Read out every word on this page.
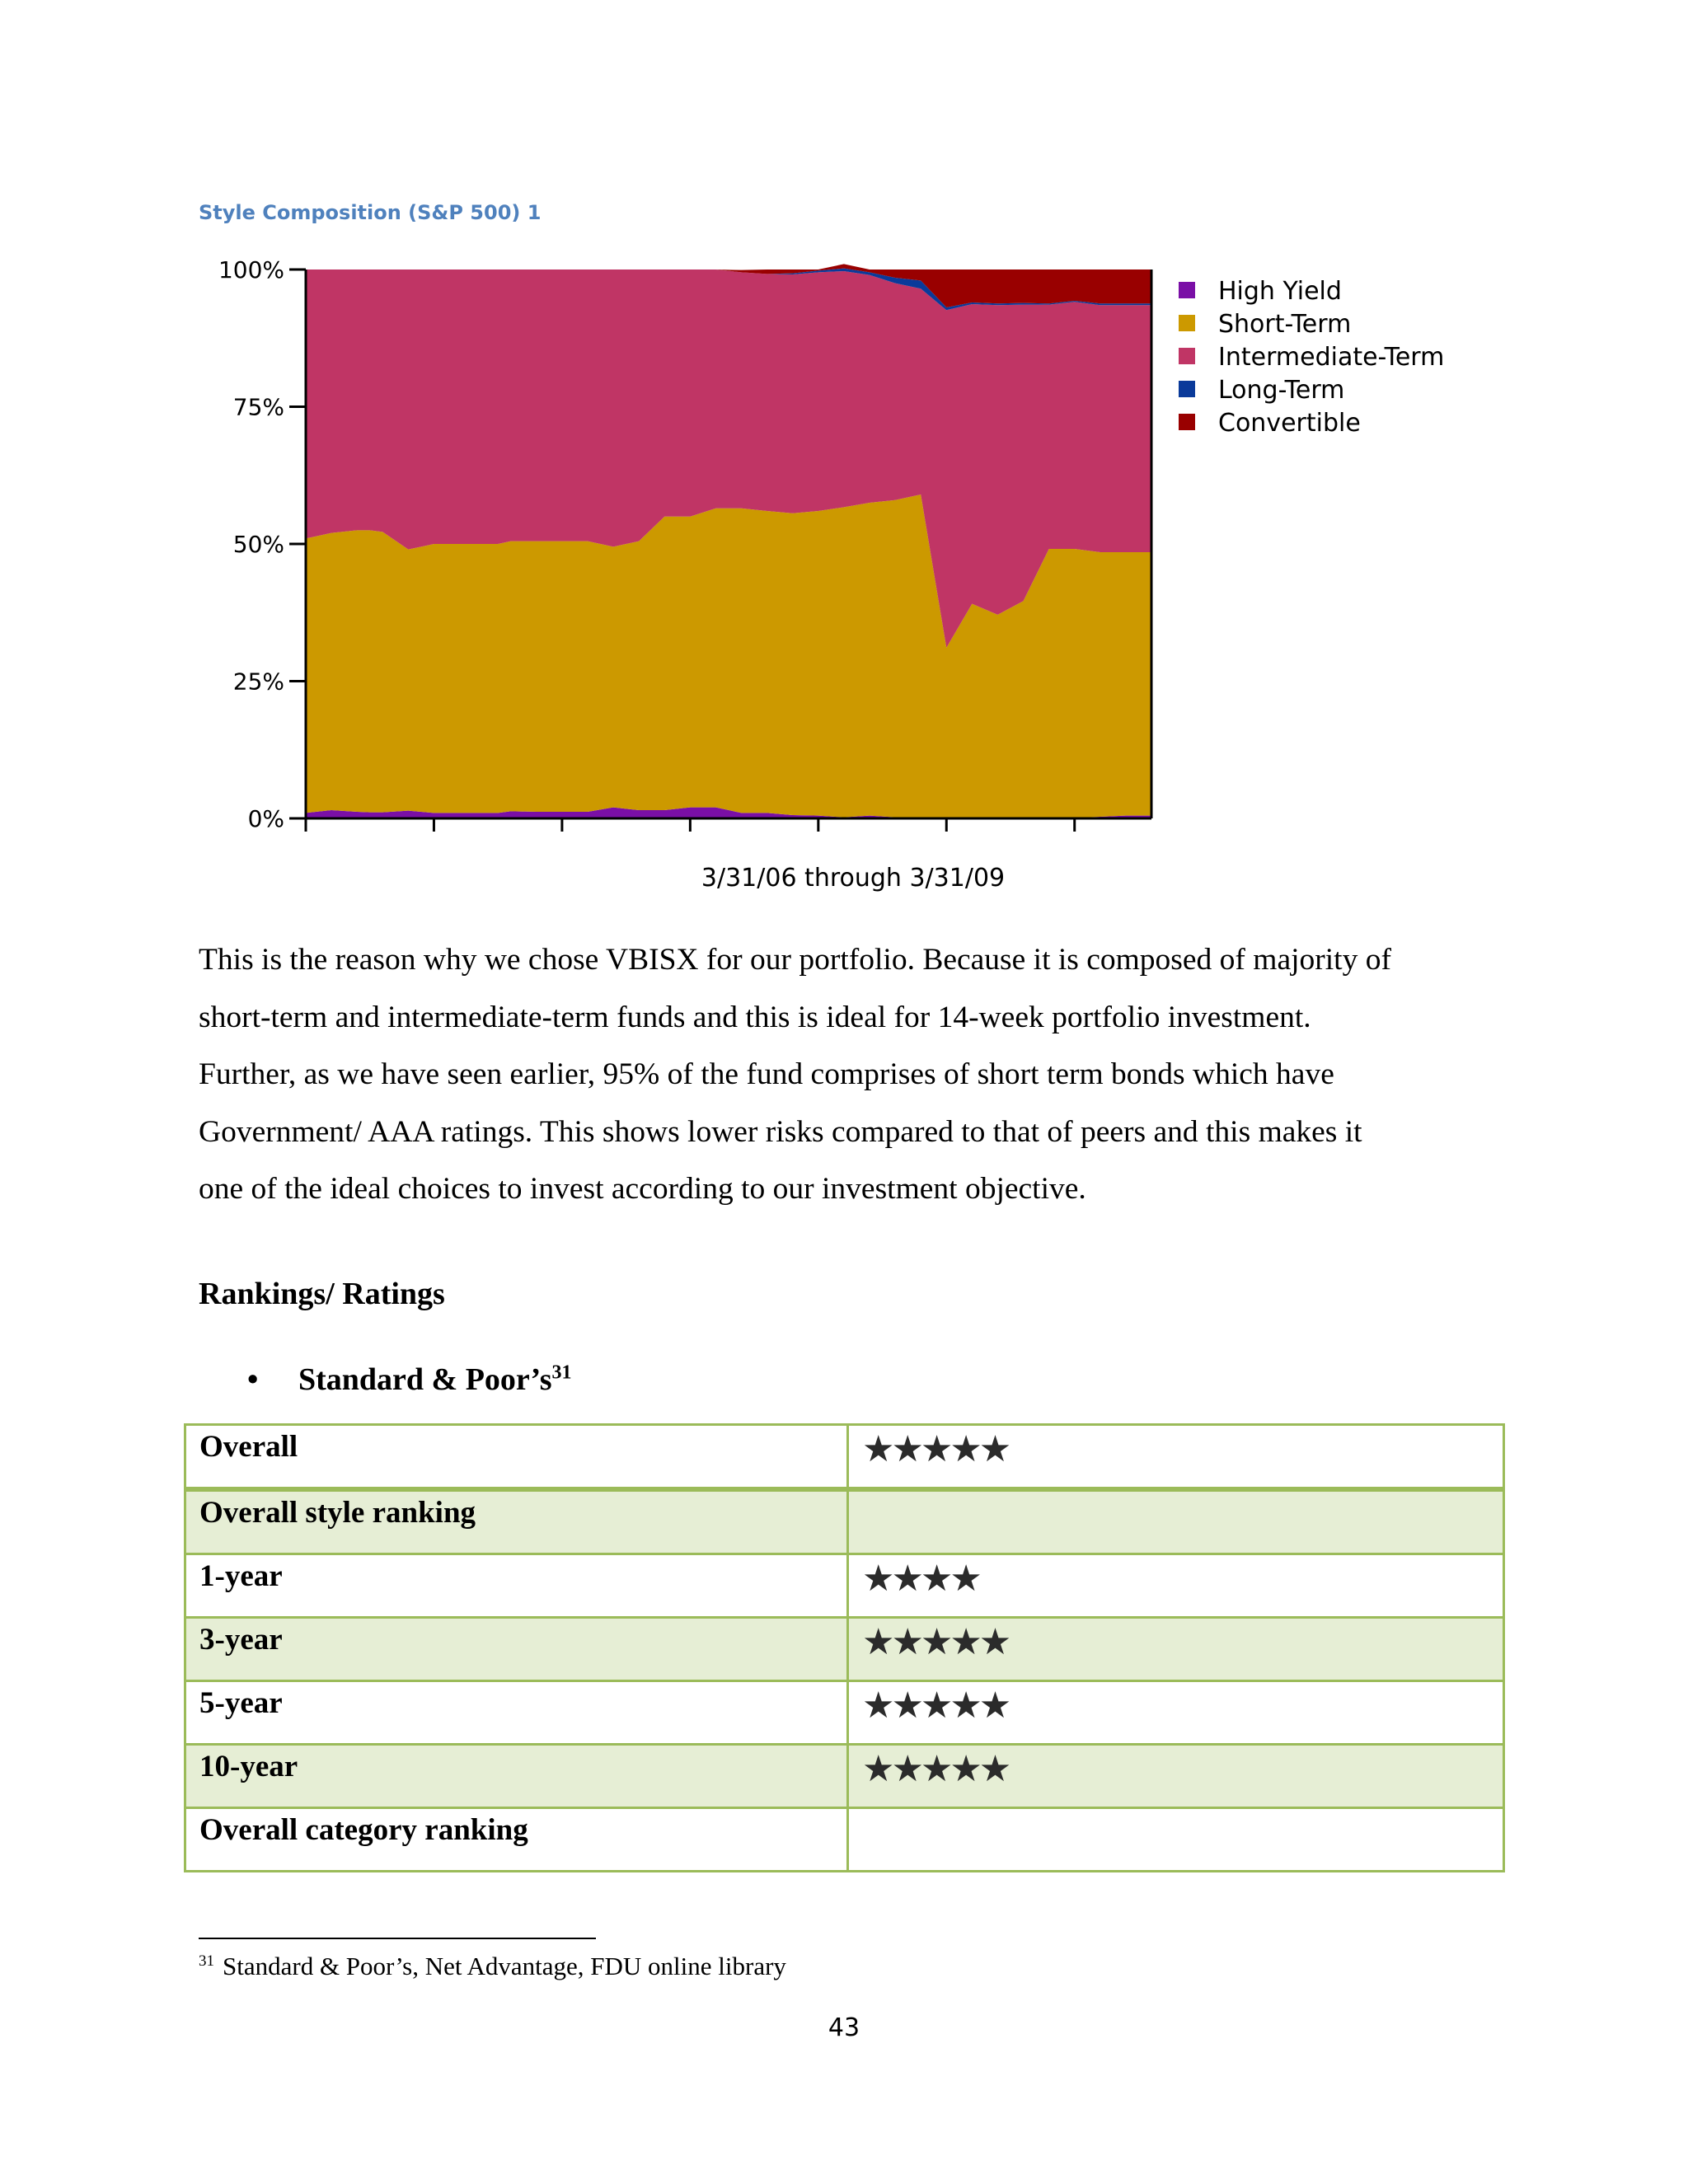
Style Composition (S&P 500) 1
0%
25%
50%
75%
100%
High Yield
Short-Term
Intermediate-Term
Long-Term
Convertible
3/31/06 through 3/31/09

This is the reason why we chose VBISX for our portfolio. Because it is composed of majority of

short-term and intermediate-term funds and this is ideal for 14-week portfolio investment.

Further, as we have seen earlier, 95% of the fund comprises of short term bonds which have

Government/ AAA ratings. This shows lower risks compared to that of peers and this makes it

one of the ideal choices to invest according to our investment objective.

Rankings/ Ratings
• Standard & $Poor’s^{31}$
Overall	★★★★★
Overall style ranking	
1-year	★★★★
3-year	★★★★★
5-year	★★★★★
10-year	★★★★★
Overall category ranking	
$^{31}$ Standard & Poor’s, Net Advantage, FDU online library
43
